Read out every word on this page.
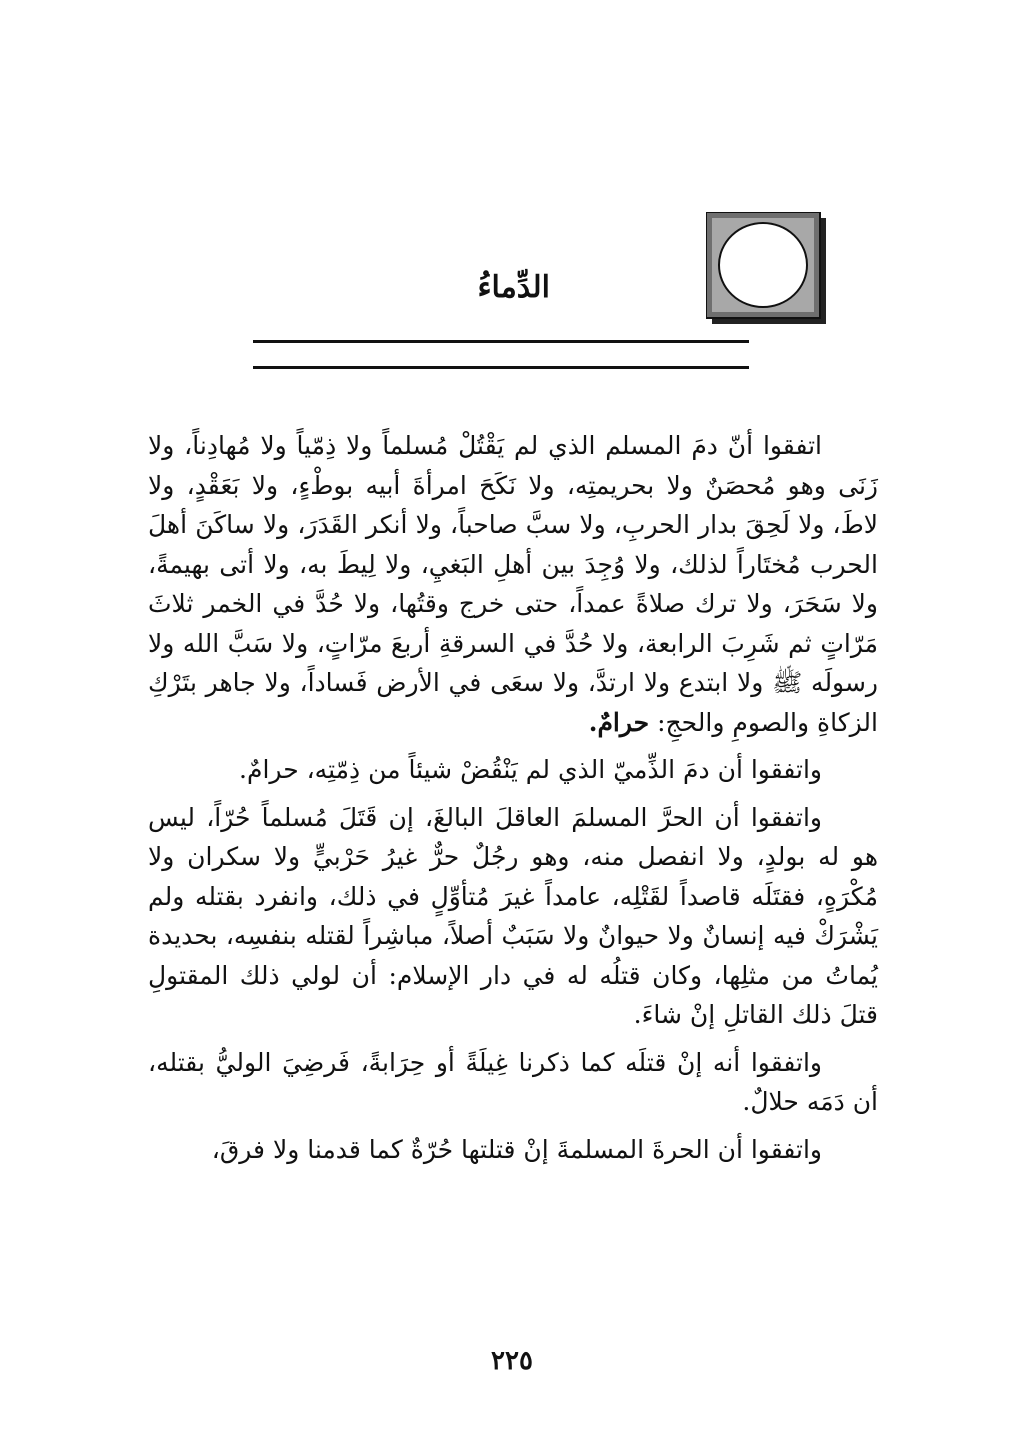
الدِّماءُ

اتفقوا أنّ دمَ المسلم الذي لم يَقْتُلْ مُسلماً ولا ذِمّياً ولا مُهادِناً، ولا زَنَى وهو مُحصَنٌ ولا بحريمتِه، ولا نَكَحَ امرأةَ أبيه بوطْءٍ، ولا بَعَقْدٍ، ولا لاطَ، ولا لَحِقَ بدار الحربِ، ولا سبَّ صاحباً، ولا أنكر القَدَرَ، ولا ساكَنَ أهلَ الحرب مُختَاراً لذلك، ولا وُجِدَ بين أهلِ البَغيِ، ولا لِيطَ به، ولا أتى بهيمةً، ولا سَحَرَ، ولا ترك صلاةً عمداً، حتى خرج وقتُها، ولا حُدَّ في الخمر ثلاثَ مَرّاتٍ ثم شَرِبَ الرابعة، ولا حُدَّ في السرقةِ أربعَ مرّاتٍ، ولا سَبَّ الله ولا رسولَه ﷺ ولا ابتدع ولا ارتدَّ، ولا سعَى في الأرض فَساداً، ولا جاهر بتَرْكِ الزكاةِ والصومِ والحجِ: حرامٌ.

واتفقوا أن دمَ الذِّميّ الذي لم يَنْقُضْ شيئاً من ذِمّتِه، حرامٌ.

واتفقوا أن الحرَّ المسلمَ العاقلَ البالغَ، إن قَتَلَ مُسلماً حُرّاً، ليس هو له بولدٍ، ولا انفصل منه، وهو رجُلٌ حرٌّ غيرُ حَرْبيٍّ ولا سكران ولا مُكْرَهٍ، فقتَلَه قاصداً لقَتْلِه، عامداً غيرَ مُتأوِّلٍ في ذلك، وانفرد بقتله ولم يَشْرَكْ فيه إنسانٌ ولا حيوانٌ ولا سَبَبٌ أصلاً، مباشِراً لقتله بنفسِه، بحديدة يُماتُ من مثلِها، وكان قتلُه له في دار الإسلام: أن لولي ذلك المقتولِ قتلَ ذلك القاتلِ إنْ شاءَ.

واتفقوا أنه إنْ قتلَه كما ذكرنا غِيلَةً أو حِرَابةً، فَرضِيَ الوليُّ بقتله، أن دَمَه حلالٌ.

واتفقوا أن الحرةَ المسلمةَ إنْ قتلتها حُرّةٌ كما قدمنا ولا فرقَ،

٢٢٥
